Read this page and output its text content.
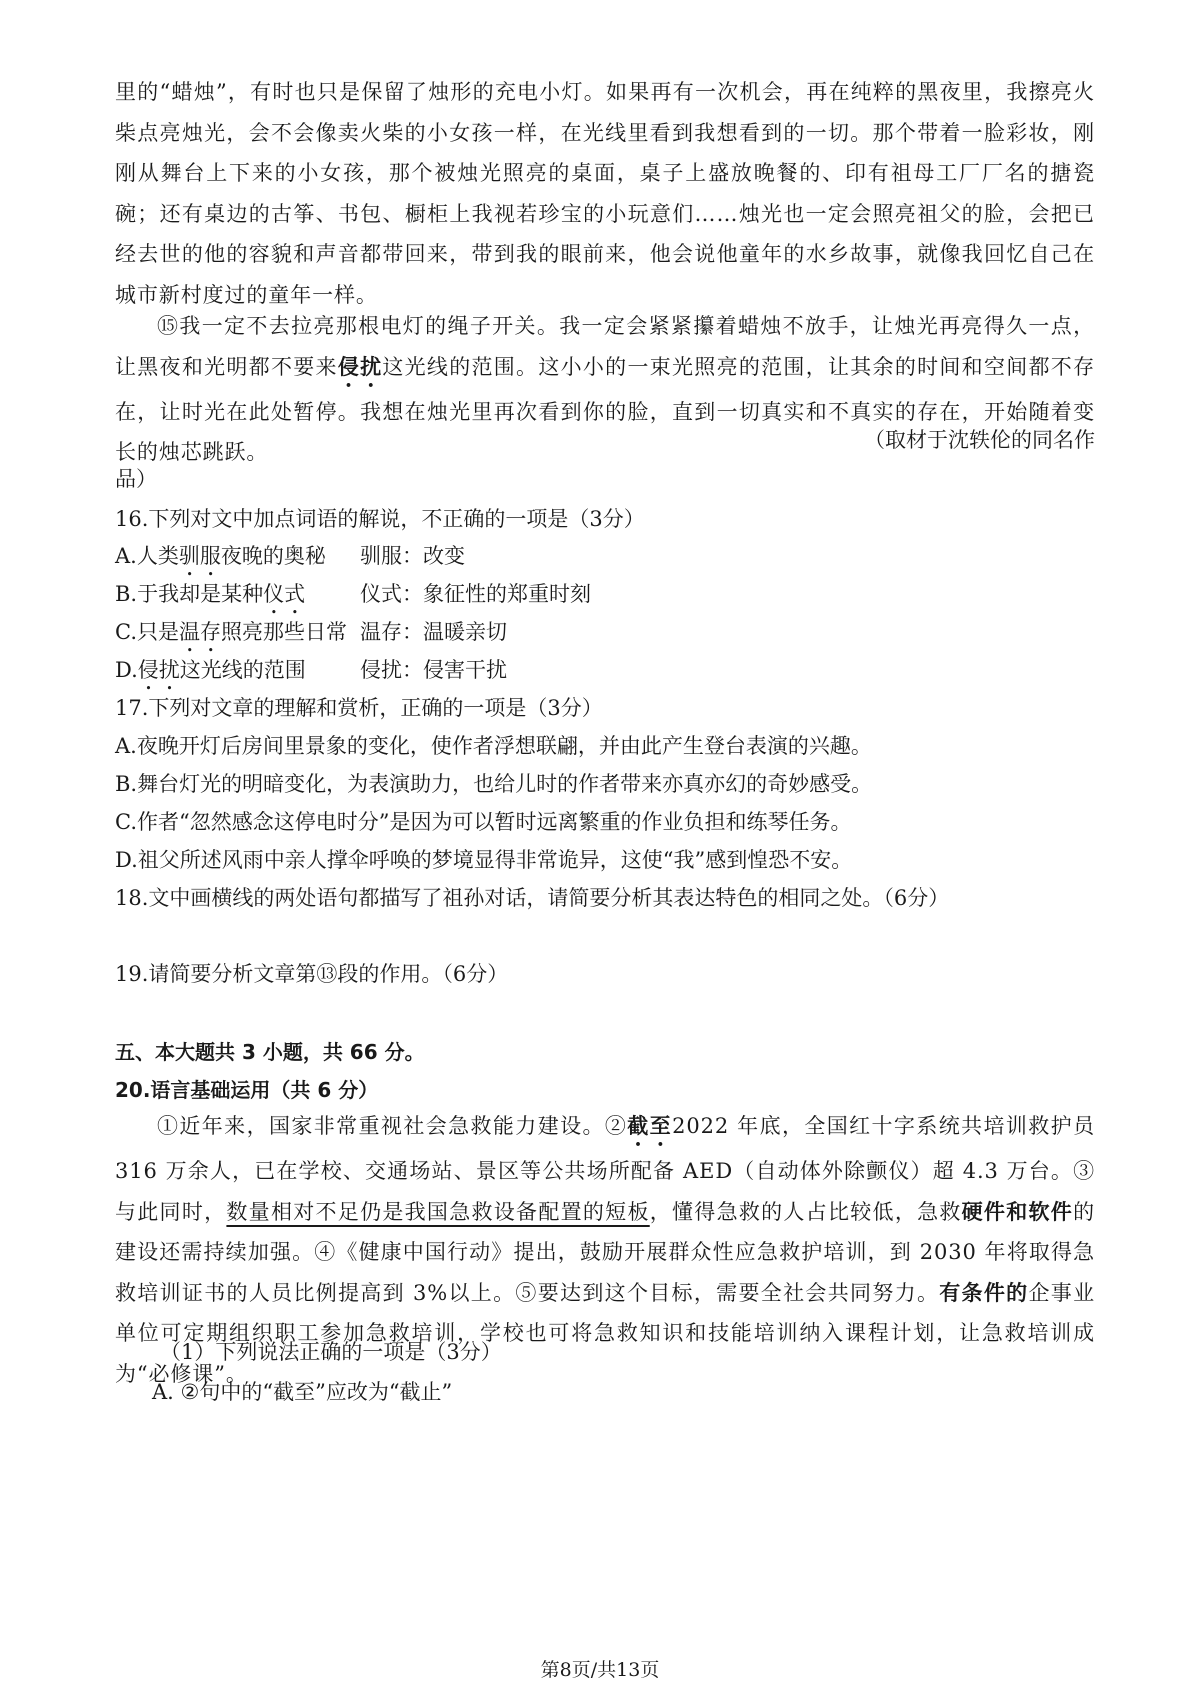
里的“蜡烛”，有时也只是保留了烛形的充电小灯。如果再有一次机会，再在纯粹的黑夜里，我擦亮火柴点亮烛光，会不会像卖火柴的小女孩一样，在光线里看到我想看到的一切。那个带着一脸彩妆，刚刚从舞台上下来的小女孩，那个被烛光照亮的桌面，桌子上盛放晚餐的、印有祖母工厂厂名的搪瓷碗；还有桌边的古筝、书包、橱柜上我视若珍宝的小玩意们……烛光也一定会照亮祖父的脸，会把已经去世的他的容貌和声音都带回来，带到我的眼前来，他会说他童年的水乡故事，就像我回忆自己在城市新村度过的童年一样。

⑮我一定不去拉亮那根电灯的绳子开关。我一定会紧紧攥着蜡烛不放手，让烛光再亮得久一点，让黑夜和光明都不要来侵扰这光线的范围。这小小的一束光照亮的范围，让其余的时间和空间都不存在，让时光在此处暂停。我想在烛光里再次看到你的脸，直到一切真实和不真实的存在，开始随着变长的烛芯跳跃。	（取材于沈轶伦的同名作
品）
16.下列对文中加点词语的解说，不正确的一项是（3分）
A.人类驯服夜晚的奥秘 驯服：改变
B.于我却是某种仪式	仪式：象征性的郑重时刻
C.只是温存照亮那些日常 温存：温暖亲切
D.侵扰这光线的范围	侵扰：侵害干扰
17.下列对文章的理解和赏析，正确的一项是（3分）
A.夜晚开灯后房间里景象的变化，使作者浮想联翩，并由此产生登台表演的兴趣。
B.舞台灯光的明暗变化，为表演助力，也给儿时的作者带来亦真亦幻的奇妙感受。
C.作者“忽然感念这停电时分”是因为可以暂时远离繁重的作业负担和练琴任务。
D.祖父所述风雨中亲人撑伞呼唤的梦境显得非常诡异，这使“我”感到惶恐不安。
18.文中画横线的两处语句都描写了祖孙对话，请简要分析其表达特色的相同之处。（6分）
19.请简要分析文章第⑬段的作用。（6分）
五、本大题共 3 小题，共 66 分。
20.语言基础运用（共 6 分）

①近年来，国家非常重视社会急救能力建设。②截至2022 年底，全国红十字系统共培训救护员 316 万余人，已在学校、交通场站、景区等公共场所配备 AED（自动体外除颤仪）超 4.3 万台。③与此同时，数量相对不足仍是我国急救设备配置的短板，懂得急救的人占比较低，急救硬件和软件的建设还需持续加强。④《健康中国行动》提出，鼓励开展群众性应急救护培训，到 2030 年将取得急救培训证书的人员比例提高到 3%以上。⑤要达到这个目标，需要全社会共同努力。有条件的企事业单位可定期组织职工参加急救培训，学校也可将急救知识和技能培训纳入课程计划，让急救培训成为“必修课”。

（1）下列说法正确的一项是（3分）
A. ②句中的“截至”应改为“截止”
第8页/共13页
